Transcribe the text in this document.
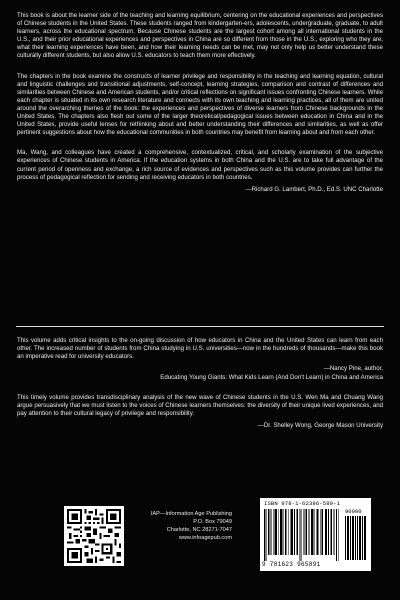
This book is about the learner side of the teaching and learning equilibrium, centering on the educational experiences and perspectives of Chinese students in the United States. These students ranged from kindergarten-ers, adolescents, undergraduate, graduate, to adult learners, across the educational spectrum. Because Chinese students are the largest cohort among all international students in the U.S., and their prior educational experiences and perspectives in China are so different from those in the U.S., exploring who they are, what their learning experiences have been, and how their learning needs can be met, may not only help us better understand these culturally different students, but also allow U.S. educators to teach them more effectively.

The chapters in the book examine the constructs of learner privilege and responsibility in the teaching and learning equation, cultural and linguistic challenges and transitional adjustments, self-concept, learning strategies, comparison and contrast of differences and similarities between Chinese and American students, and/or critical reflections on significant issues confronting Chinese learners. While each chapter is situated in its own research literature and connects with its own teaching and learning practices, all of them are united around the overarching themes of the book: the experiences and perspectives of diverse learners from Chinese backgrounds in the United States. The chapters also flesh out some of the larger theoretical/pedagogical issues between education in China and in the United States, provide useful lenses for rethinking about and better understanding their differences and similarities, as well as offer pertinent suggestions about how the educational communities in both countries may benefit from learning about and from each other.

Ma, Wang, and colleagues have created a comprehensive, contextualized, critical, and scholarly examination of the subjective experiences of Chinese students in America. If the education systems in both China and the U.S. are to take full advantage of the current period of openness and exchange, a rich source of evidences and perspectives such as this volume provides can further the process of pedagogical reflection for sending and receiving educators in both countries.

—Richard G. Lambert, Ph.D., Ed.S. UNC Charlotte

This volume adds critical insights to the on-going discussion of how educators in China and the United States can learn from each other. The increased number of students from China studying in U.S. universities—now in the hundreds of thousands—make this book an imperative read for university educators.

—Nancy Pine, author,
Educating Young Giants: What Kids Learn (And Don't Learn) in China and America

This timely volume provides transdisciplinary analysis of the new wave of Chinese students in the U.S. Wen Ma and Chuang Wang argue persuasively that we must listen to the voices of Chinese learners themselves: the diversity of their unique lived experiences, and pay attention to their cultural legacy of privilege and responsibility.

—Dr. Shelley Wong, George Mason University
IAP—Information Age Publishing
P.O. Box 79049
Charlotte, NC 28271-7047
www.infoagepub.com
ISBN 978-1-62396-589-1
90000
9 781623 965891
